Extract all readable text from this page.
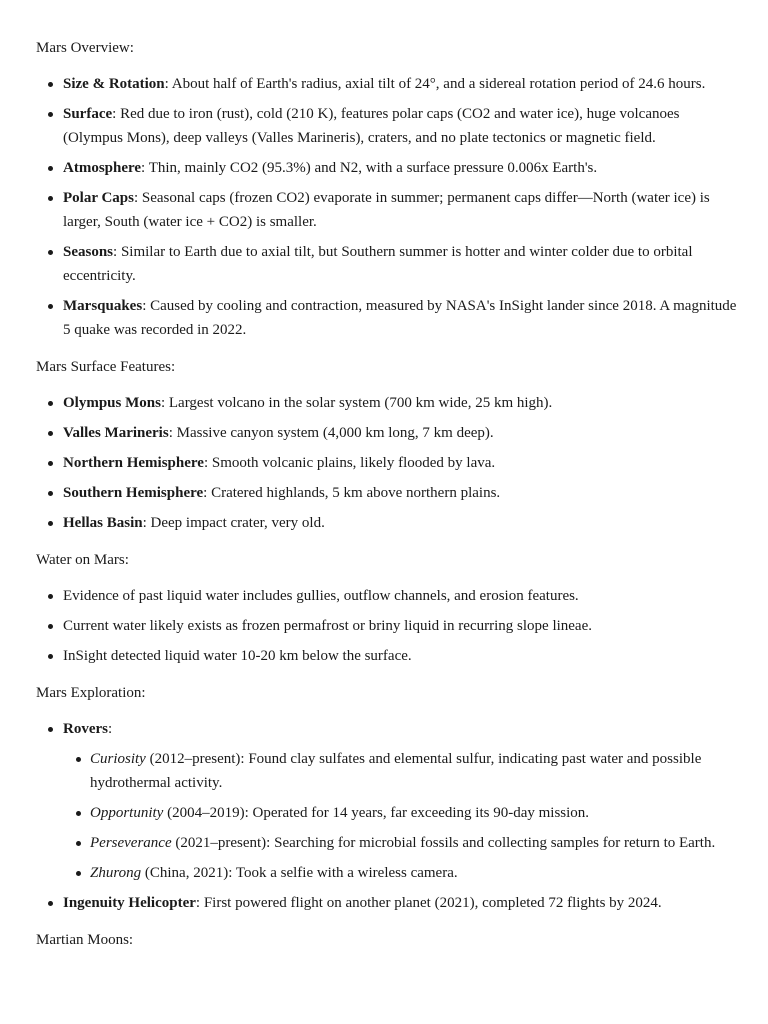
Mars Overview:
Size & Rotation: About half of Earth's radius, axial tilt of 24°, and a sidereal rotation period of 24.6 hours.
Surface: Red due to iron (rust), cold (210 K), features polar caps (CO2 and water ice), huge volcanoes (Olympus Mons), deep valleys (Valles Marineris), craters, and no plate tectonics or magnetic field.
Atmosphere: Thin, mainly CO2 (95.3%) and N2, with a surface pressure 0.006x Earth's.
Polar Caps: Seasonal caps (frozen CO2) evaporate in summer; permanent caps differ—North (water ice) is larger, South (water ice + CO2) is smaller.
Seasons: Similar to Earth due to axial tilt, but Southern summer is hotter and winter colder due to orbital eccentricity.
Marsquakes: Caused by cooling and contraction, measured by NASA's InSight lander since 2018. A magnitude 5 quake was recorded in 2022.
Mars Surface Features:
Olympus Mons: Largest volcano in the solar system (700 km wide, 25 km high).
Valles Marineris: Massive canyon system (4,000 km long, 7 km deep).
Northern Hemisphere: Smooth volcanic plains, likely flooded by lava.
Southern Hemisphere: Cratered highlands, 5 km above northern plains.
Hellas Basin: Deep impact crater, very old.
Water on Mars:
Evidence of past liquid water includes gullies, outflow channels, and erosion features.
Current water likely exists as frozen permafrost or briny liquid in recurring slope lineae.
InSight detected liquid water 10-20 km below the surface.
Mars Exploration:
Rovers:
Curiosity (2012–present): Found clay sulfates and elemental sulfur, indicating past water and possible hydrothermal activity.
Opportunity (2004–2019): Operated for 14 years, far exceeding its 90-day mission.
Perseverance (2021–present): Searching for microbial fossils and collecting samples for return to Earth.
Zhurong (China, 2021): Took a selfie with a wireless camera.
Ingenuity Helicopter: First powered flight on another planet (2021), completed 72 flights by 2024.
Martian Moons:
